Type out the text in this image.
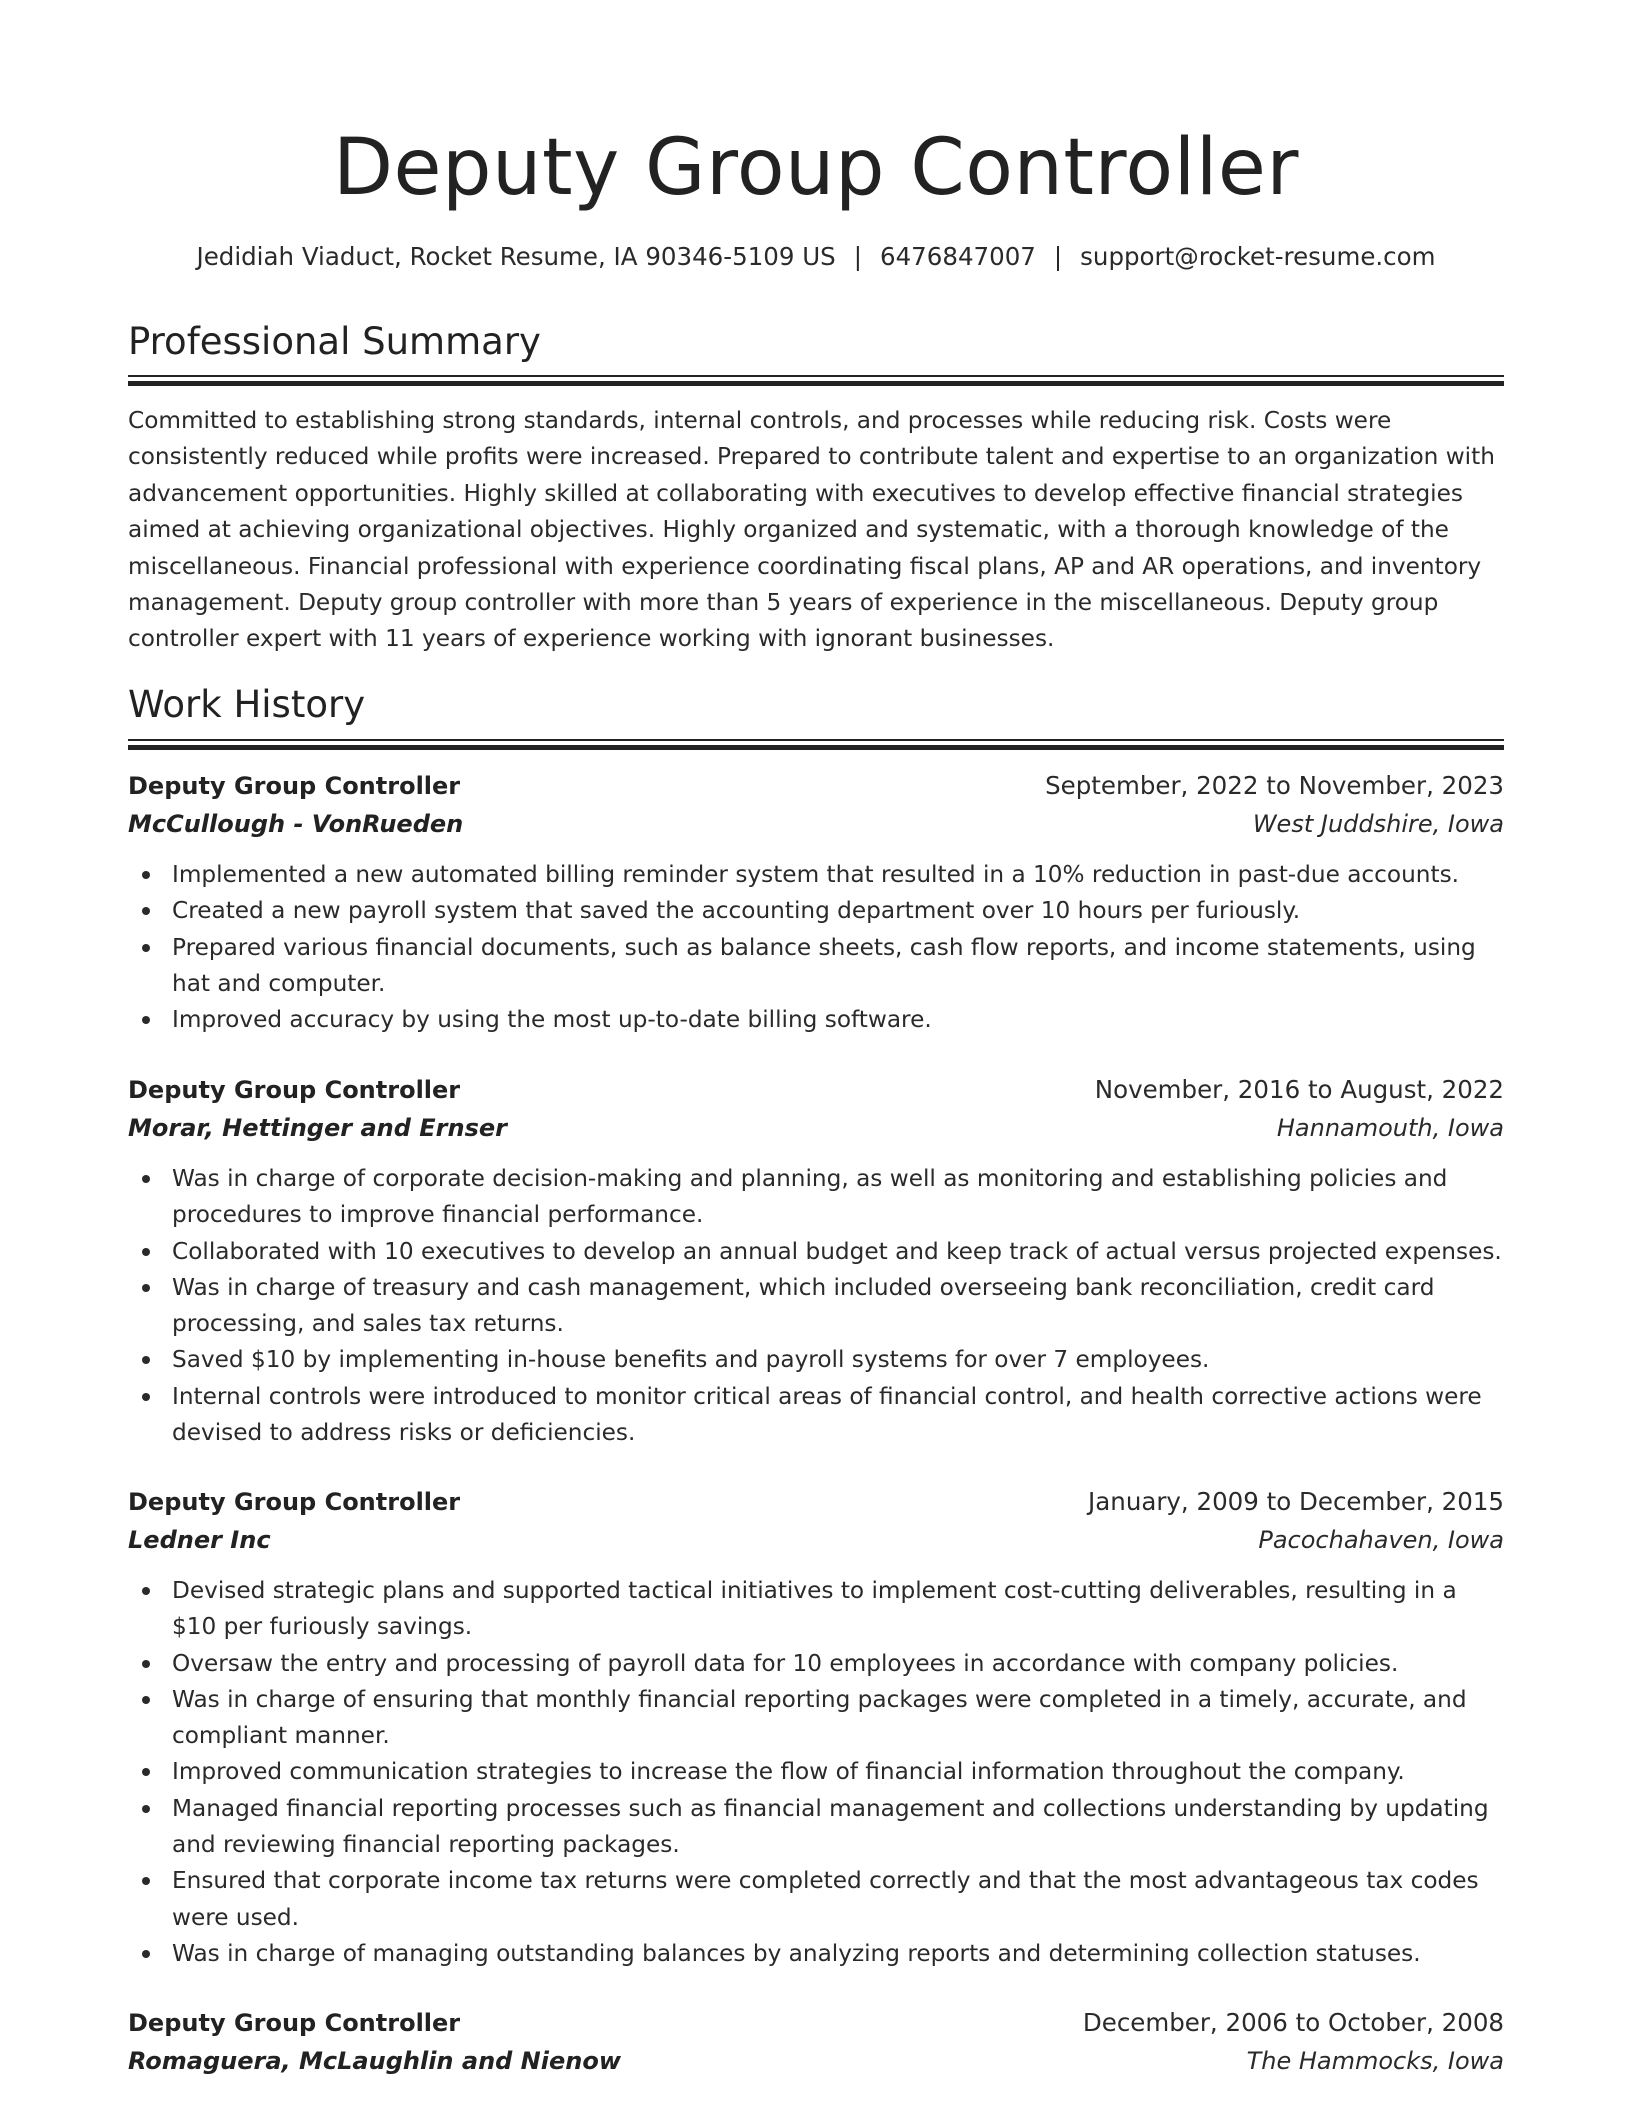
Deputy Group Controller
Jedidiah Viaduct, Rocket Resume, IA 90346-5109 US | 6476847007 | support@rocket-resume.com
Professional Summary

Committed to establishing strong standards, internal controls, and processes while reducing risk. Costs were consistently reduced while profits were increased. Prepared to contribute talent and expertise to an organization with advancement opportunities. Highly skilled at collaborating with executives to develop effective financial strategies aimed at achieving organizational objectives. Highly organized and systematic, with a thorough knowledge of the miscellaneous. Financial professional with experience coordinating fiscal plans, AP and AR operations, and inventory management. Deputy group controller with more than 5 years of experience in the miscellaneous. Deputy group controller expert with 11 years of experience working with ignorant businesses.

Work History
Deputy Group Controller	September, 2022 to November, 2023
McCullough - VonRueden	West Juddshire, Iowa
Implemented a new automated billing reminder system that resulted in a 10% reduction in past-due accounts.
Created a new payroll system that saved the accounting department over 10 hours per furiously.
Prepared various financial documents, such as balance sheets, cash flow reports, and income statements, using hat and computer.
Improved accuracy by using the most up-to-date billing software.
Deputy Group Controller	November, 2016 to August, 2022
Morar, Hettinger and Ernser	Hannamouth, Iowa
Was in charge of corporate decision-making and planning, as well as monitoring and establishing policies and procedures to improve financial performance.
Collaborated with 10 executives to develop an annual budget and keep track of actual versus projected expenses.
Was in charge of treasury and cash management, which included overseeing bank reconciliation, credit card processing, and sales tax returns.
Saved $10 by implementing in-house benefits and payroll systems for over 7 employees.
Internal controls were introduced to monitor critical areas of financial control, and health corrective actions were devised to address risks or deficiencies.
Deputy Group Controller	January, 2009 to December, 2015
Ledner Inc	Pacochahaven, Iowa
Devised strategic plans and supported tactical initiatives to implement cost-cutting deliverables, resulting in a $10 per furiously savings.
Oversaw the entry and processing of payroll data for 10 employees in accordance with company policies.
Was in charge of ensuring that monthly financial reporting packages were completed in a timely, accurate, and compliant manner.
Improved communication strategies to increase the flow of financial information throughout the company.
Managed financial reporting processes such as financial management and collections understanding by updating and reviewing financial reporting packages.
Ensured that corporate income tax returns were completed correctly and that the most advantageous tax codes were used.
Was in charge of managing outstanding balances by analyzing reports and determining collection statuses.
Deputy Group Controller	December, 2006 to October, 2008
Romaguera, McLaughlin and Nienow	The Hammocks, Iowa
